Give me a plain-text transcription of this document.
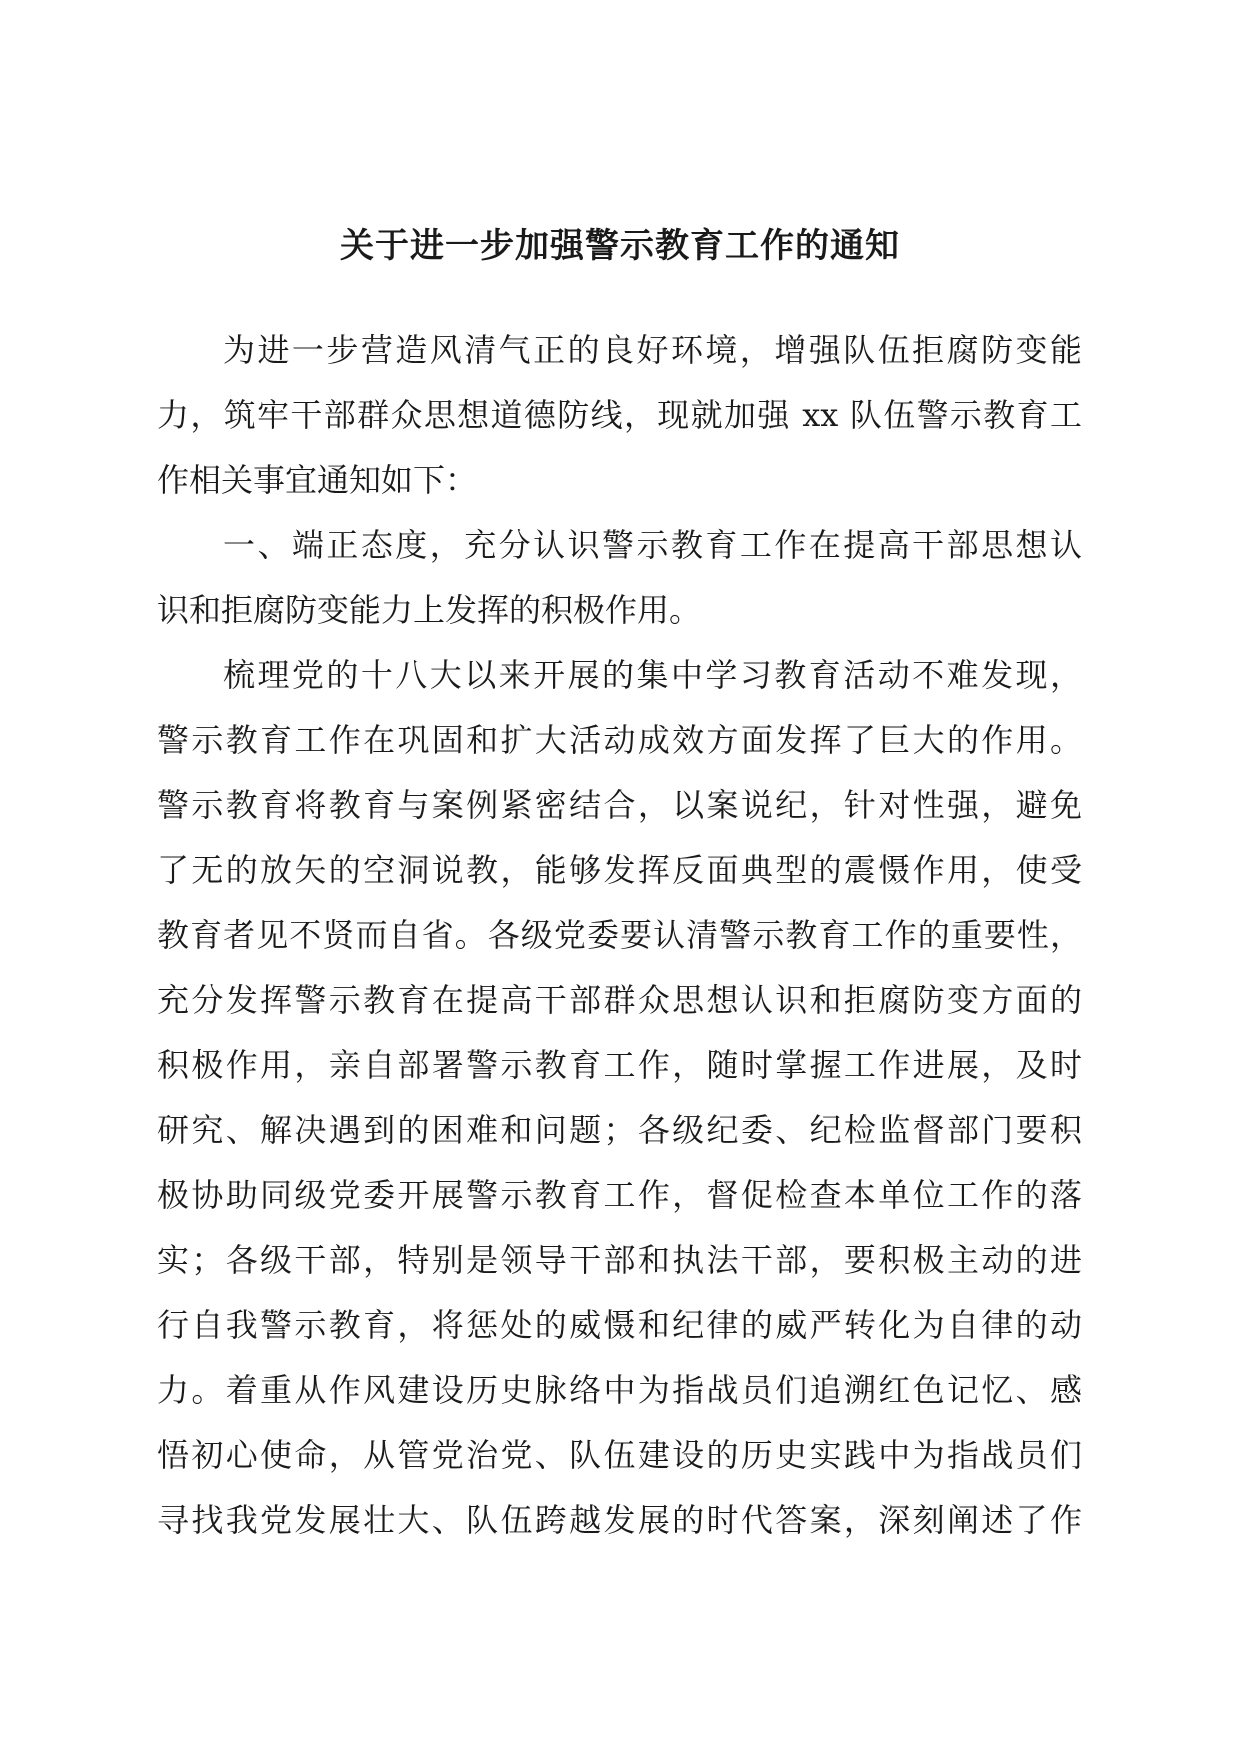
关于进一步加强警示教育工作的通知
为进一步营造风清气正的良好环境，增强队伍拒腐防变能
力，筑牢干部群众思想道德防线，现就加强 xx 队伍警示教育工
作相关事宜通知如下：
一、端正态度，充分认识警示教育工作在提高干部思想认
识和拒腐防变能力上发挥的积极作用。
梳理党的十八大以来开展的集中学习教育活动不难发现，
警示教育工作在巩固和扩大活动成效方面发挥了巨大的作用。
警示教育将教育与案例紧密结合，以案说纪，针对性强，避免
了无的放矢的空洞说教，能够发挥反面典型的震慑作用，使受
教育者见不贤而自省。各级党委要认清警示教育工作的重要性，
充分发挥警示教育在提高干部群众思想认识和拒腐防变方面的
积极作用，亲自部署警示教育工作，随时掌握工作进展，及时
研究、解决遇到的困难和问题；各级纪委、纪检监督部门要积
极协助同级党委开展警示教育工作，督促检查本单位工作的落
实；各级干部，特别是领导干部和执法干部，要积极主动的进
行自我警示教育，将惩处的威慑和纪律的威严转化为自律的动
力。着重从作风建设历史脉络中为指战员们追溯红色记忆、感
悟初心使命，从管党治党、队伍建设的历史实践中为指战员们
寻找我党发展壮大、队伍跨越发展的时代答案，深刻阐述了作
